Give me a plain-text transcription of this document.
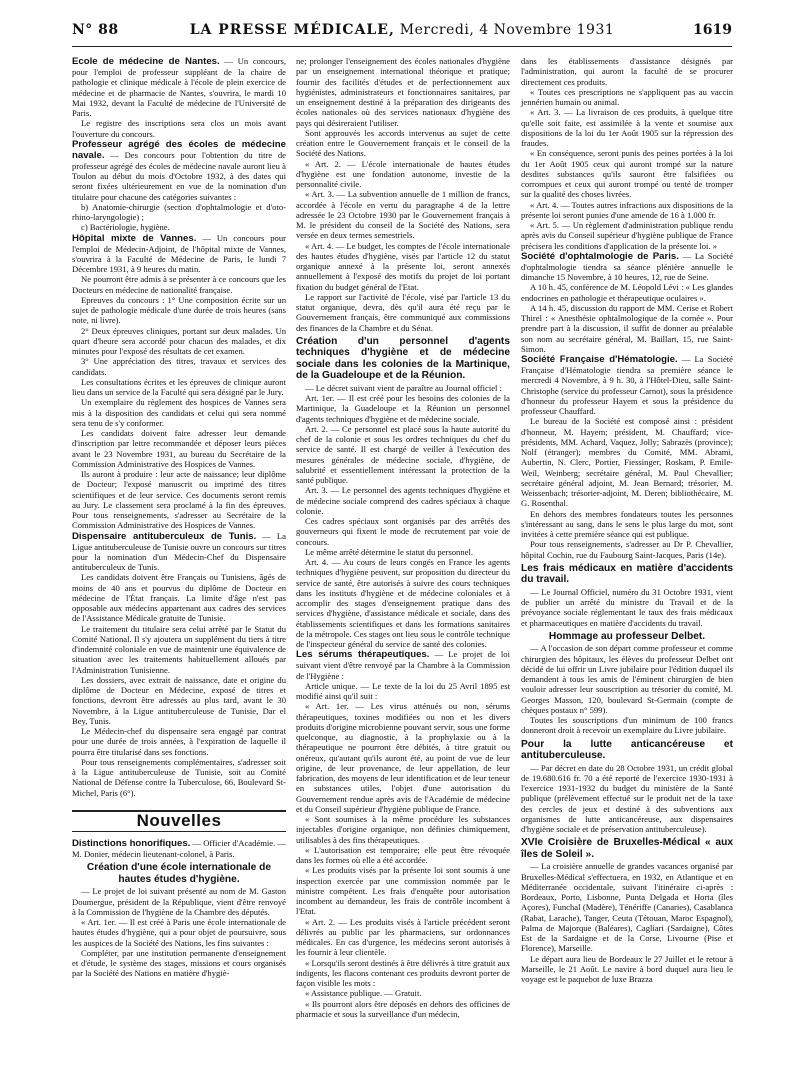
N° 88	LA PRESSE MÉDICALE, Mercredi, 4 Novembre 1931	1619

Ecole de médecine de Nantes. — Un concours, pour l'emploi de professeur suppléant de la chaire de pathologie et clinique médicale à l'école de plein exercice de médecine et de pharmacie de Nantes, s'ouvrira, le mardi 10 Mai 1932, devant la Faculté de médecine de l'Université de Paris.

Le registre des inscriptions sera clos un mois avant l'ouverture du concours.

Professeur agrégé des écoles de médecine navale. — Des concours pour l'obtention du titre de professeur agrégé des écoles de médecine navale auront lieu à Toulon au début du mois d'Octobre 1932, à des dates qui seront fixées ultérieurement en vue de la nomination d'un titulaire pour chacune des catégories suivantes :

b) Anatomie-chirurgie (section d'ophtalmologie et d'oto-rhino-laryngologie) ;

c) Bactériologie, hygiène.

Hôpital mixte de Vannes. — Un concours pour l'emploi de Médecin-Adjoint, de l'hôpital mixte de Vannes, s'ouvrira à la Faculté de Médecine de Paris, le lundi 7 Décembre 1931, à 9 heures du matin.

Ne pourront être admis à se présenter à ce concours que les Docteurs en médecine de nationalité française.

Epreuves du concours : 1° Une composition écrite sur un sujet de pathologie médicale d'une durée de trois heures (sans note, ni livre).

2° Deux épreuves cliniques, portant sur deux malades. Un quart d'heure sera accordé pour chacun des malades, et dix minutes pour l'exposé des résultats de cet examen.

3° Une appréciation des titres, travaux et services des candidats.

Les consultations écrites et les épreuves de clinique auront lieu dans un service de la Faculté qui sera désigné par le Jury.

Un exemplaire du règlement des hospices de Vannes sera mis à la disposition des candidats et celui qui sera nommé sera tenu de s'y conformer.

Les candidats doivent faire adresser leur demande d'inscription par lettre recommandée et déposer leurs pièces avant le 23 Novembre 1931, au bureau du Secrétaire de la Commission Administrative des Hospices de Vannes.

Ils auront à produire : leur acte de naissance; leur diplôme de Docteur; l'exposé manuscrit ou imprimé des titres scientifiques et de leur service. Ces documents seront remis au Jury. Le classement sera proclamé à la fin des épreuves. Pour tous renseignements, s'adresser au Secrétaire de la Commission Administrative des Hospices de Vannes.

Dispensaire antituberculeux de Tunis. — La Ligue antituberculeuse de Tunisie ouvre un concours sur titres pour la nomination d'un Médecin-Chef du Dispensaire antituberculeux de Tunis.

Les candidats doivent être Français ou Tunisiens, âgés de moins de 40 ans et pourvus du diplôme de Docteur en médecine de l'État français. La limite d'âge n'est pas opposable aux médecins appartenant aux cadres des services de l'Assistance Médicale gratuite de Tunisie.

Le traitement du titulaire sera celui arrêté par le Statut du Comité National. Il s'y ajoutera un supplément du tiers à titre d'indemnité coloniale en vue de maintenir une équivalence de situation avec les traitements habituellement alloués par l'Administration Tunisienne.

Les dossiers, avec extrait de naissance, date et origine du diplôme de Docteur en Médecine, exposé de titres et fonctions, devront être adressés au plus tard, avant le 30 Novembre, à la Ligue antituberculeuse de Tunisie, Dar el Bey, Tunis.

Le Médecin-chef du dispensaire sera engagé par contrat pour une durée de trois années, à l'expiration de laquelle il pourra être titularisé dans ses fonctions.

Pour tous renseignements complémentaires, s'adresser soit à la Ligue antituberculeuse de Tunisie, soit au Comité National de Défense contre la Tuberculose, 66, Boulevard St-Michel, Paris (6°).

Nouvelles

Distinctions honorifiques. — Officier d'Académie. — M. Donier, médecin lieutenant-colonel, à Paris.

Création d'une école internationale de hautes études d'hygiène.

— Le projet de loi suivant présenté au nom de M. Gaston Doumergue, président de la République, vient d'être renvoyé à la Commission de l'hygiène de la Chambre des députés.

« Art. 1er. — Il est créé à Paris une école internationale de hautes études d'hygiène, qui a pour objet de poursuivre, sous les auspices de la Société des Nations, les fins suivantes :

Compléter, par une institution permanente d'enseignement et d'étude, le système des stages, missions et cours organisés par la Société des Nations en matière d'hygiè-

ne; prolonger l'enseignement des écoles nationales d'hygiène par un enseignement international théorique et pratique; fournir des facilités d'études et de perfectionnement aux hygiénistes, administrateurs et fonctionnaires sanitaires, par un enseignement destiné à la préparation des dirigeants des écoles nationales où des services nationaux d'hygiène des pays qui désireraient l'utiliser.

Sont approuvés les accords intervenus au sujet de cette création entre le Gouvernement français et le conseil de la Société des Nations.

« Art. 2. — L'école internationale de hautes études d'hygiène est une fondation autonome, investie de la personnalité civile.

« Art. 3. — La subvention annuelle de 1 million de francs, accordée à l'école en vertu du paragraphe 4 de la lettre adressée le 23 Octobre 1930 par le Gouvernement français à M. le président du conseil de la Société des Nations, sera versée en deux termes semestriels.

« Art. 4. — Le budget, les comptes de l'école internationale des hautes études d'hygiène, visés par l'article 12 du statut organique annexé à la présente loi, seront annexés annuellement à l'exposé des motifs du projet de loi portant fixation du budget général de l'Etat.

Le rapport sur l'activité de l'école, visé par l'article 13 du statut organique, devra, dès qu'il aura été reçu par le Gouvernement français, être communiqué aux commissions des finances de la Chambre et du Sénat.

Création d'un personnel d'agents techniques d'hygiène et de médecine sociale dans les colonies de la Martinique, de la Guadeloupe et de la Réunion.

— Le décret suivant vient de paraître au Journal officiel :

Art. 1er. — Il est créé pour les besoins des colonies de la Martinique, la Guadeloupe et la Réunion un personnel d'agents techniques d'hygiène et de médecine sociale.

Art. 2. — Ce personnel est placé sous la haute autorité du chef de la colonie et sous les ordres techniques du chef du service de santé. Il est chargé de veiller à l'exécution des mesures générales de médecine sociale, d'hygiène, de salubrité et essentiellement intéressant la protection de la santé publique.

Art. 3. — Le personnel des agents techniques d'hygiène et de médecine sociale comprend des cadres spéciaux à chaque colonie.

Ces cadres spéciaux sont organisés par des arrêtés des gouverneurs qui fixent le mode de recrutement par voie de concours.

Le même arrêté détermine le statut du personnel.

Art. 4. — Au cours de leurs congés en France les agents techniques d'hygiène peuvent, sur proposition du directeur du service de santé, être autorisés à suivre des cours techniques dans les instituts d'hygiène et de médecine coloniales et à accomplir des stages d'enseignement pratique dans des services d'hygiène, d'assistance médicale et sociale, dans des établissements scientifiques et dans les formations sanitaires de la métropole. Ces stages ont lieu sous le contrôle technique de l'inspecteur général du service de santé des colonies.

Les sérums thérapeutiques. — Le projet de loi suivant vient d'être renvoyé par la Chambre à la Commission de l'Hygiène :

Article unique. — Le texte de la loi du 25 Avril 1895 est modifié ainsi qu'il suit :

« Art. 1er. — Les virus atténués ou non, sérums thérapeutiques, toxines modifiées ou non et les divers produits d'origine microbienne pouvant servir, sous une forme quelconque, au diagnostic, à la prophylaxie ou à la thérapeutique ne pourront être débités, à titre gratuit ou onéreux, qu'autant qu'ils auront été, au point de vue de leur origine, de leur provenance, de leur appellation, de leur fabrication, des moyens de leur identification et de leur teneur en substances utiles, l'objet d'une autorisation du Gouvernement rendue après avis de l'Académie de médecine et du Conseil supérieur d'hygiène publique de France.

« Sont soumises à la même procédure les substances injectables d'origine organique, non définies chimiquement, utilisables à des fins thérapeutiques.

« L'autorisation est temporaire; elle peut être révoquée dans les formes où elle a été accordée.

« Les produits visés par la présente loi sont soumis à une inspection exercée par une commission nommée par le ministre compétent. Les frais d'enquête pour autorisation incombent au demandeur, les frais de contrôle incombent à l'Etat.

« Art. 2. — Les produits visés à l'article précédent seront délivrés au public par les pharmaciens, sur ordonnances médicales. En cas d'urgence, les médecins seront autorisés à les fournir à leur clientèle.

« Lorsqu'ils seront destinés à être délivrés à titre gratuit aux indigents, les flacons contenant ces produits devront porter de façon visible les mots :

« Assistance publique. — Gratuit.

« Ils pourront alors être déposés en dehors des officines de pharmacie et sous la surveillance d'un médecin,

dans les établissements d'assistance désignés par l'administration, qui auront la faculté de se procurer directement ces produits.

« Toutes ces prescriptions ne s'appliquent pas au vaccin jennérien humain ou animal.

« Art. 3. — La livraison de ces produits, à quelque titre qu'elle soit faite, est assimilée à la vente et soumise aux dispositions de la loi du 1er Août 1905 sur la répression des fraudes.

« En conséquence, seront punis des peines portées à la loi du 1er Août 1905 ceux qui auront trompé sur la nature desdites substances qu'ils sauront être falsifiées ou corrompues et ceux qui auront trompé ou tenté de tromper sur la qualité des choses livrées.

« Art. 4. — Toutes autres infractions aux dispositions de la présente loi seront punies d'une amende de 16 à 1.000 fr.

« Art. 5. — Un règlement d'administration publique rendu après avis du Conseil supérieur d'hygiène publique de France précisera les conditions d'application de la présente loi. »

Société d'ophtalmologie de Paris. — La Société d'ophtalmologie tiendra sa séance plénière annuelle le dimanche 15 Novembre, à 10 heures, 12, rue de Seine.

A 10 h. 45, conférence de M. Léopold Lévi : « Les glandes endocrines en pathologie et thérapeutique oculaires ».

A 14 h. 45, discussion du rapport de MM. Cerise et Robert Thirel : « Anesthésie ophtalmologique de la cornée ». Pour prendre part à la discussion, il suffit de donner au préalable son nom au secrétaire général, M. Baillart, 15, rue Saint-Simon.

Société Française d'Hématologie. — La Société Française d'Hématologie tiendra sa première séance le mercredi 4 Novembre, à 9 h. 30, à l'Hôtel-Dieu, salle Saint-Christophe (service du professeur Carnot), sous la présidence d'honneur du professeur Hayem et sous la présidence du professeur Chauffard.

Le bureau de la Société est composé ainsi : président d'honneur, M. Hayem; président, M. Chauffard; vice-présidents, MM. Achard, Vaquez, Jolly; Sabrazès (province); Nolf (étranger); membres du Comité, MM. Abrami, Aubertin, N. Clerc, Portier, Fiessinger, Roskam, P. Emile-Weil, Weinberg; secrétaire général, M. Paul Chevallier; secrétaire général adjoint, M. Jean Bernard; trésorier, M. Weissenbach; trésorier-adjoint, M. Deren; bibliothécaire, M. G. Rosenthal.

En dehors des membres fondateurs toutes les personnes s'intéressant au sang, dans le sens le plus large du mot, sont invitées à cette première séance qui est publique.

Pour tous renseignements, s'adresser au Dr P. Chevallier, hôpital Cochin, rue du Faubourg Saint-Jacques, Paris (14e).

Les frais médicaux en matière d'accidents du travail.

— Le Journal Officiel, numéro du 31 Octobre 1931, vient de publier un arrêté du ministre du Travail et de la prévoyance sociale réglementant le taux des frais médicaux et pharmaceutiques en matière d'accidents du travail.

Hommage au professeur Delbet.

— A l'occasion de son départ comme professeur et comme chirurgien des hôpitaux, les élèves du professeur Delbet ont décidé de lui offrir un Livre jubilaire pour l'édition duquel ils demandent à tous les amis de l'éminent chirurgien de bien vouloir adresser leur souscription au trésorier du comité, M. Georges Masson, 120, boulevard St-Germain (compte de chèques postaux n° 599).

Toutes les souscriptions d'un minimum de 100 francs donneront droit à recevoir un exemplaire du Livre jubilaire.

Pour la lutte anticancéreuse et antituberculeuse.

— Par décret en date du 28 Octobre 1931, un crédit global de 19.680.616 fr. 70 a été reporté de l'exercice 1930-1931 à l'exercice 1931-1932 du budget du ministère de la Santé publique (prélèvement effectué sur le produit net de la taxe des cercles de jeux et destiné à des subventions aux organismes de lutte anticancéreuse, aux dispensaires d'hygiène sociale et de préservation antituberculeuse).

XVIe Croisière de Bruxelles-Médical « aux îles de Soleil ».

— La croisière annuelle de grandes vacances organisé par Bruxelles-Médical s'effectuera, en 1932, en Atlantique et en Méditerranée occidentale, suivant l'itinéraire ci-après : Bordeaux, Porto, Lisbonne, Punta Delgada et Horta (îles Açores), Funchal (Madère), Ténériffe (Canaries), Casablanca (Rabat, Larache), Tanger, Ceuta (Tétouan, Maroc Espagnol), Palma de Majorque (Baléares), Cagliari (Sardaigne), Côtes Est de la Sardaigne et de la Corse, Livourne (Pise et Florence), Marseille.

Le départ aura lieu de Bordeaux le 27 Juillet et le retour à Marseille, le 21 Août. Le navire à bord duquel aura lieu le voyage est le paquebot de luxe Brazza
